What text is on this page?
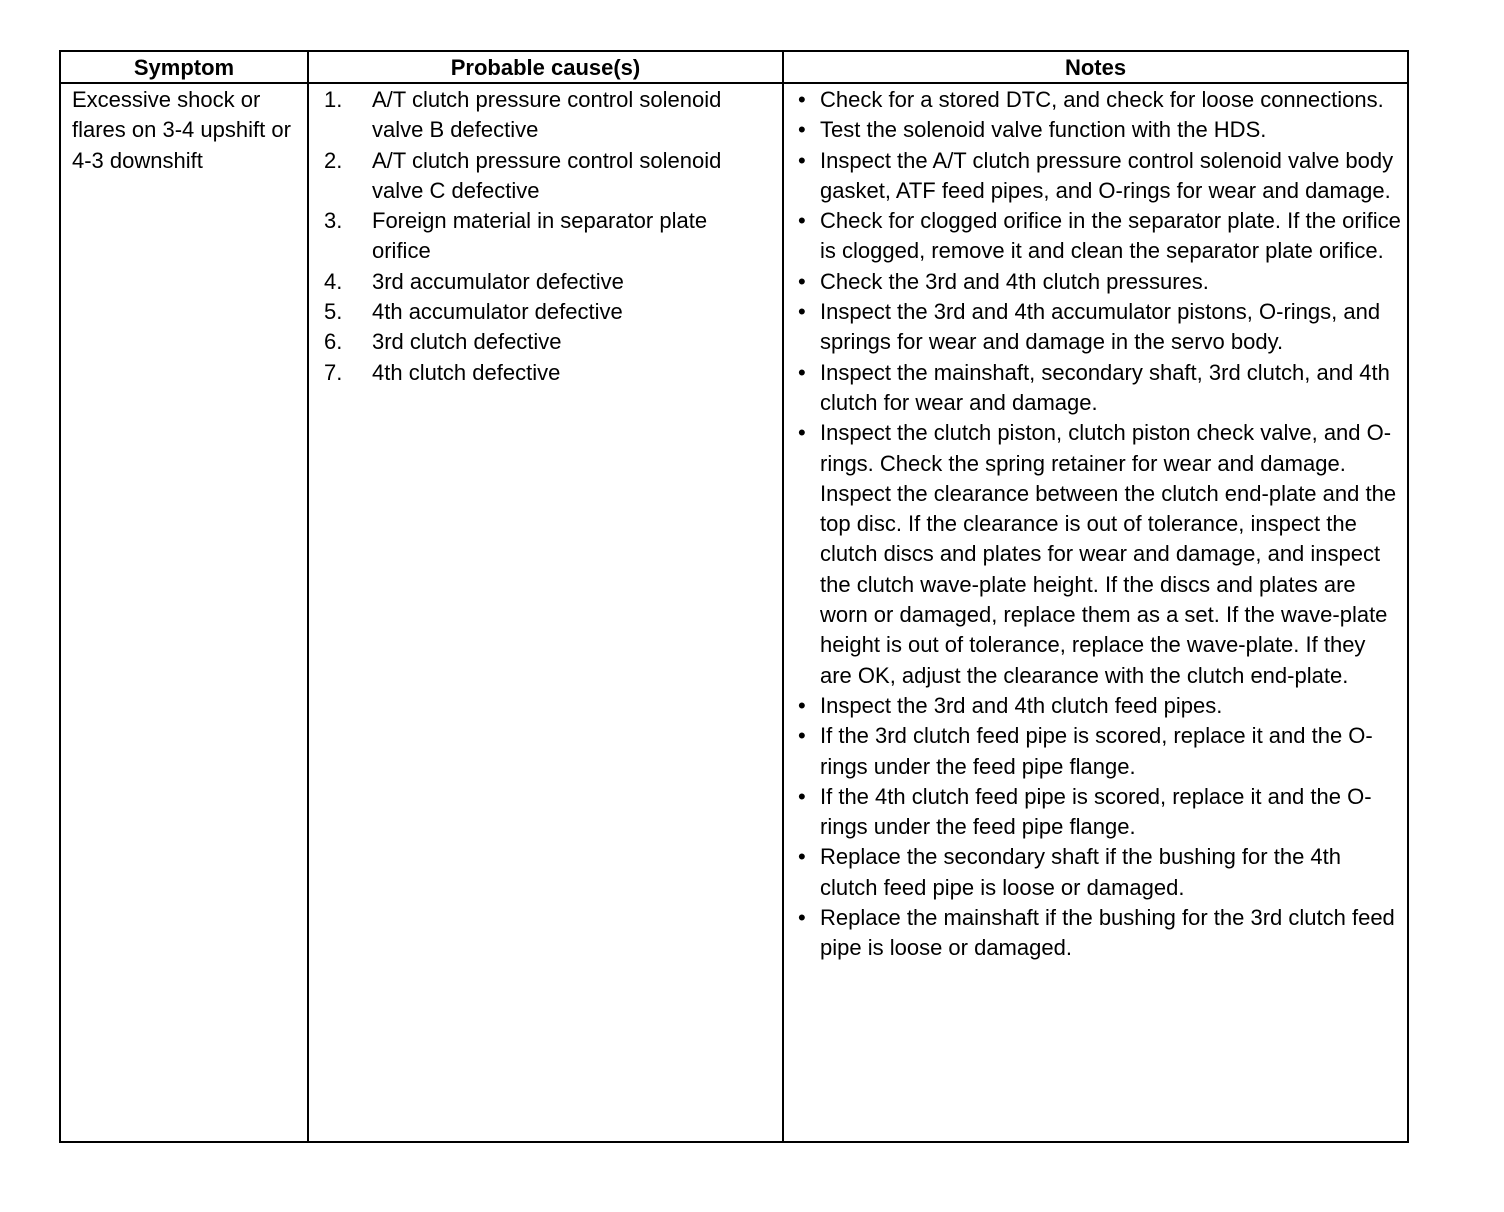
Symptom	Probable cause(s)	Notes
Excessive shock or flares on 3-4 upshift or 4-3 downshift
1. A/T clutch pressure control solenoid valve B defective
2. A/T clutch pressure control solenoid valve C defective
3. Foreign material in separator plate orifice
4. 3rd accumulator defective
5. 4th accumulator defective
6. 3rd clutch defective
7. 4th clutch defective
• Check for a stored DTC, and check for loose connections.
• Test the solenoid valve function with the HDS.
• Inspect the A/T clutch pressure control solenoid valve body gasket, ATF feed pipes, and O-rings for wear and damage.
• Check for clogged orifice in the separator plate. If the orifice is clogged, remove it and clean the separator plate orifice.
• Check the 3rd and 4th clutch pressures.
• Inspect the 3rd and 4th accumulator pistons, O-rings, and springs for wear and damage in the servo body.
• Inspect the mainshaft, secondary shaft, 3rd clutch, and 4th clutch for wear and damage.
• Inspect the clutch piston, clutch piston check valve, and O-rings. Check the spring retainer for wear and damage. Inspect the clearance between the clutch end-plate and the top disc. If the clearance is out of tolerance, inspect the clutch discs and plates for wear and damage, and inspect the clutch wave-plate height. If the discs and plates are worn or damaged, replace them as a set. If the wave-plate height is out of tolerance, replace the wave-plate. If they are OK, adjust the clearance with the clutch end-plate.
• Inspect the 3rd and 4th clutch feed pipes.
• If the 3rd clutch feed pipe is scored, replace it and the O-rings under the feed pipe flange.
• If the 4th clutch feed pipe is scored, replace it and the O-rings under the feed pipe flange.
• Replace the secondary shaft if the bushing for the 4th clutch feed pipe is loose or damaged.
• Replace the mainshaft if the bushing for the 3rd clutch feed pipe is loose or damaged.
